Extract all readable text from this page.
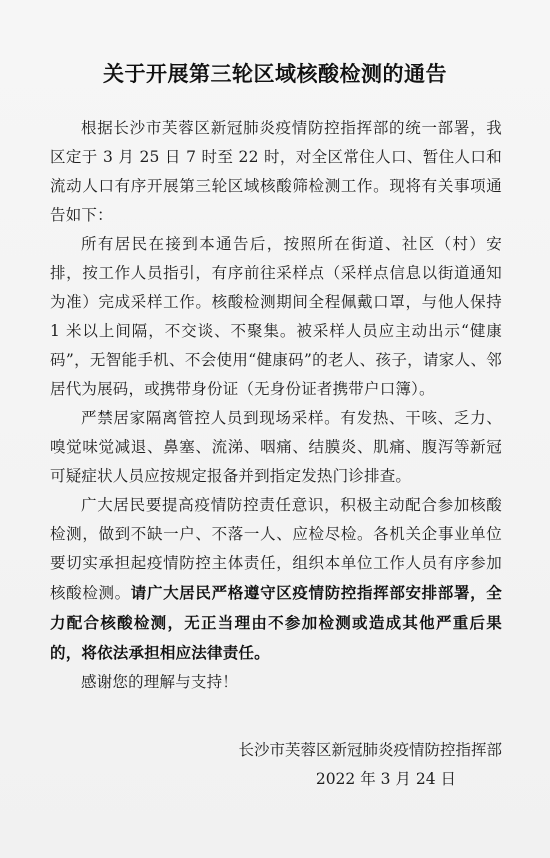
关于开展第三轮区域核酸检测的通告

根据长沙市芙蓉区新冠肺炎疫情防控指挥部的统一部署，我区定于 3 月 25 日 7 时至 22 时，对全区常住人口、暂住人口和流动人口有序开展第三轮区域核酸筛检测工作。现将有关事项通告如下：

所有居民在接到本通告后，按照所在街道、社区（村）安排，按工作人员指引，有序前往采样点（采样点信息以街道通知为准）完成采样工作。核酸检测期间全程佩戴口罩，与他人保持 1 米以上间隔，不交谈、不聚集。被采样人员应主动出示“健康码”，无智能手机、不会使用“健康码”的老人、孩子，请家人、邻居代为展码，或携带身份证（无身份证者携带户口簿）。

严禁居家隔离管控人员到现场采样。有发热、干咳、乏力、嗅觉味觉减退、鼻塞、流涕、咽痛、结膜炎、肌痛、腹泻等新冠可疑症状人员应按规定报备并到指定发热门诊排查。

广大居民要提高疫情防控责任意识，积极主动配合参加核酸检测，做到不缺一户、不落一人、应检尽检。各机关企事业单位要切实承担起疫情防控主体责任，组织本单位工作人员有序参加核酸检测。请广大居民严格遵守区疫情防控指挥部安排部署，全力配合核酸检测，无正当理由不参加检测或造成其他严重后果的，将依法承担相应法律责任。

感谢您的理解与支持！

长沙市芙蓉区新冠肺炎疫情防控指挥部
2022 年 3 月 24 日
